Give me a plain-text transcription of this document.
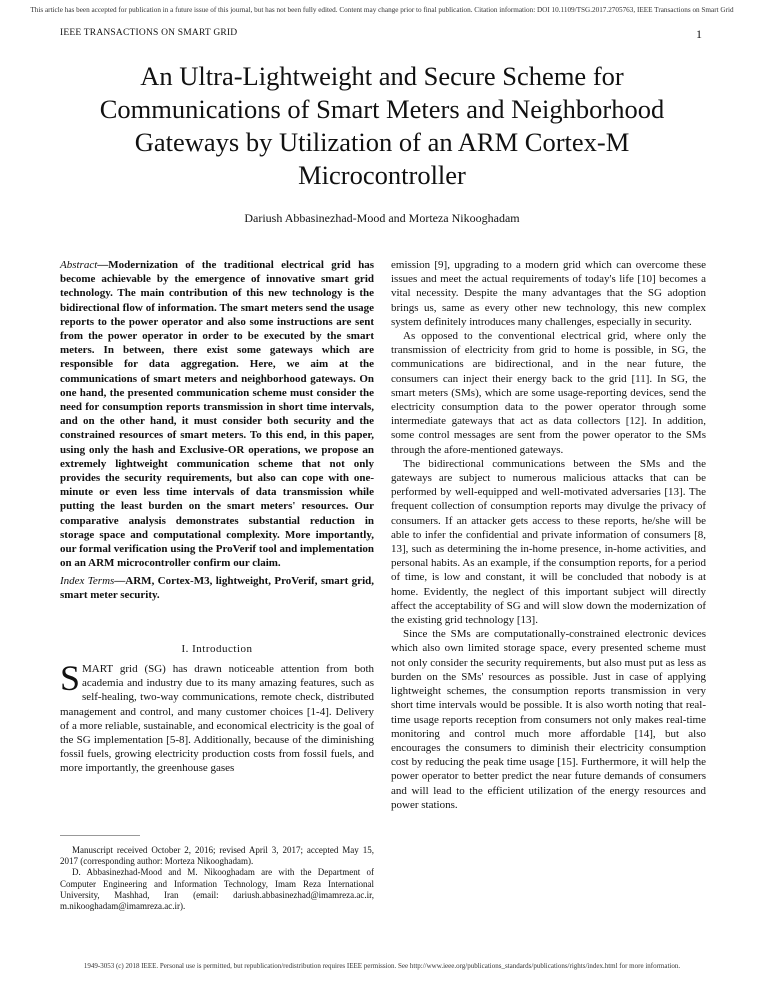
This article has been accepted for publication in a future issue of this journal, but has not been fully edited. Content may change prior to final publication. Citation information: DOI 10.1109/TSG.2017.2705763, IEEE Transactions on Smart Grid
IEEE TRANSACTIONS ON SMART GRID	1
An Ultra-Lightweight and Secure Scheme for Communications of Smart Meters and Neighborhood Gateways by Utilization of an ARM Cortex-M Microcontroller
Dariush Abbasinezhad-Mood and Morteza Nikooghadam
Abstract—Modernization of the traditional electrical grid has become achievable by the emergence of innovative smart grid technology. The main contribution of this new technology is the bidirectional flow of information. The smart meters send the usage reports to the power operator and also some instructions are sent from the power operator in order to be executed by the smart meters. In between, there exist some gateways which are responsible for data aggregation. Here, we aim at the communications of smart meters and neighborhood gateways. On one hand, the presented communication scheme must consider the need for consumption reports transmission in short time intervals, and on the other hand, it must consider both security and the constrained resources of smart meters. To this end, in this paper, using only the hash and Exclusive-OR operations, we propose an extremely lightweight communication scheme that not only provides the security requirements, but also can cope with one-minute or even less time intervals of data transmission while putting the least burden on the smart meters' resources. Our comparative analysis demonstrates substantial reduction in storage space and computational complexity. More importantly, our formal verification using the ProVerif tool and implementation on an ARM microcontroller confirm our claim.
Index Terms—ARM, Cortex-M3, lightweight, ProVerif, smart grid, smart meter security.
I. Introduction
SMART grid (SG) has drawn noticeable attention from both academia and industry due to its many amazing features, such as self-healing, two-way communications, remote check, distributed management and control, and many customer choices [1-4]. Delivery of a more reliable, sustainable, and economical electricity is the goal of the SG implementation [5-8]. Additionally, because of the diminishing fossil fuels, growing electricity production costs from fossil fuels, and more importantly, the greenhouse gases

Manuscript received October 2, 2016; revised April 3, 2017; accepted May 15, 2017 (corresponding author: Morteza Nikooghadam).

D. Abbasinezhad-Mood and M. Nikooghadam are with the Department of Computer Engineering and Information Technology, Imam Reza International University, Mashhad, Iran (email: dariush.abbasinezhad@imamreza.ac.ir, m.nikooghadam@imamreza.ac.ir).

emission [9], upgrading to a modern grid which can overcome these issues and meet the actual requirements of today's life [10] becomes a vital necessity. Despite the many advantages that the SG adoption brings us, same as every other new technology, this new complex system definitely introduces many challenges, especially in security.

As opposed to the conventional electrical grid, where only the transmission of electricity from grid to home is possible, in SG, the communications are bidirectional, and in the near future, the consumers can inject their energy back to the grid [11]. In SG, the smart meters (SMs), which are some usage-reporting devices, send the electricity consumption data to the power operator through some intermediate gateways that act as data collectors [12]. In addition, some control messages are sent from the power operator to the SMs through the afore-mentioned gateways.

The bidirectional communications between the SMs and the gateways are subject to numerous malicious attacks that can be performed by well-equipped and well-motivated adversaries [13]. The frequent collection of consumption reports may divulge the privacy of consumers. If an attacker gets access to these reports, he/she will be able to infer the confidential and private information of consumers [8, 13], such as determining the in-home presence, in-home activities, and personal habits. As an example, if the consumption reports, for a period of time, is low and constant, it will be concluded that nobody is at home. Evidently, the neglect of this important subject will directly affect the acceptability of SG and will slow down the modernization of the existing grid technology [13].

Since the SMs are computationally-constrained electronic devices which also own limited storage space, every presented scheme must not only consider the security requirements, but also must put as less as burden on the SMs' resources as possible. Just in case of applying lightweight schemes, the consumption reports transmission in very short time intervals would be possible. It is also worth noting that real-time usage reports reception from consumers not only makes real-time monitoring and control much more affordable [14], but also encourages the consumers to diminish their electricity consumption cost by reducing the peak time usage [15]. Furthermore, it will help the power operator to better predict the near future demands of consumers and will lead to the efficient utilization of the energy resources and power stations.

1949-3053 (c) 2018 IEEE. Personal use is permitted, but republication/redistribution requires IEEE permission. See http://www.ieee.org/publications_standards/publications/rights/index.html for more information.
